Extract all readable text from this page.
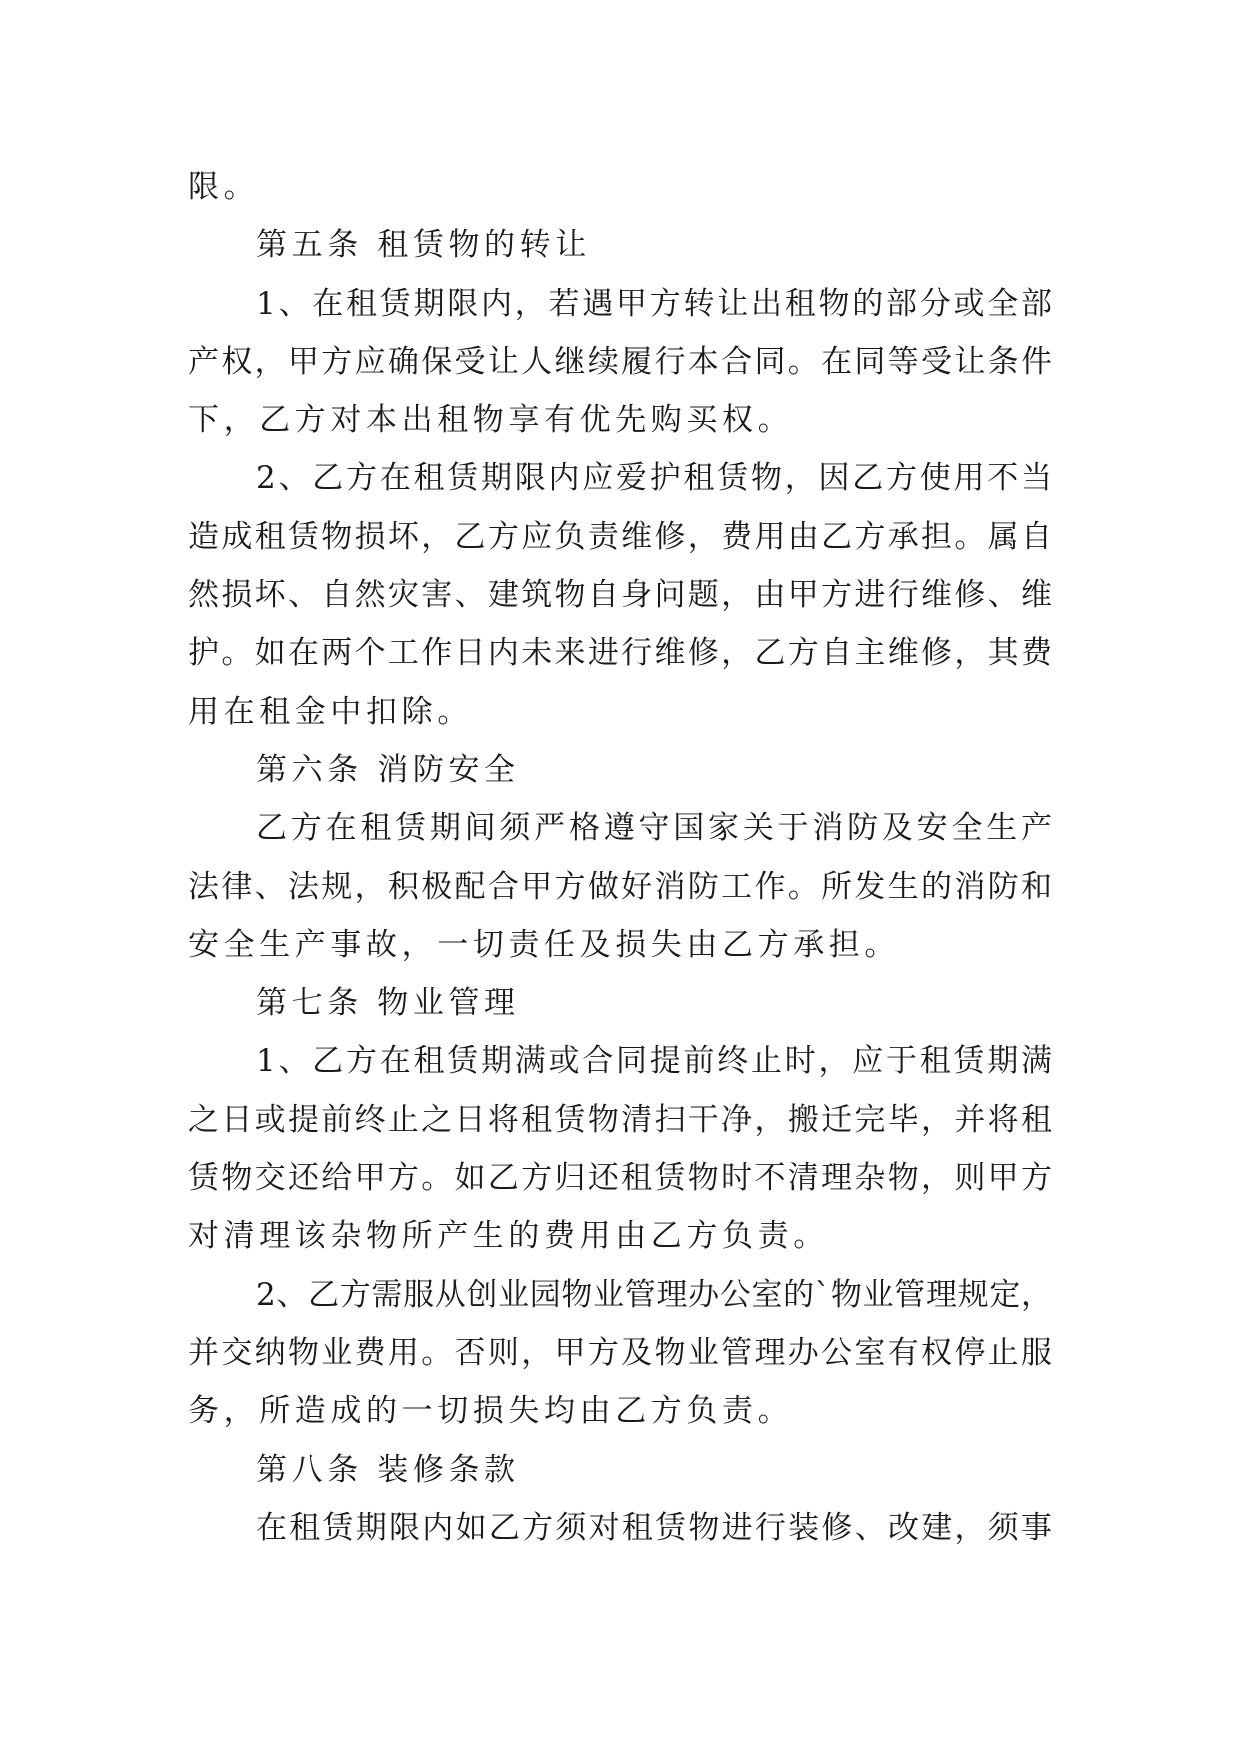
限。
第五条 租赁物的转让
1、在租赁期限内，若遇甲方转让出租物的部分或全部
产权，甲方应确保受让人继续履行本合同。在同等受让条件
下，乙方对本出租物享有优先购买权。
2、乙方在租赁期限内应爱护租赁物，因乙方使用不当
造成租赁物损坏，乙方应负责维修，费用由乙方承担。属自
然损坏、自然灾害、建筑物自身问题，由甲方进行维修、维
护。如在两个工作日内未来进行维修，乙方自主维修，其费
用在租金中扣除。
第六条 消防安全
乙方在租赁期间须严格遵守国家关于消防及安全生产
法律、法规，积极配合甲方做好消防工作。所发生的消防和
安全生产事故，一切责任及损失由乙方承担。
第七条 物业管理
1、乙方在租赁期满或合同提前终止时，应于租赁期满
之日或提前终止之日将租赁物清扫干净，搬迁完毕，并将租
赁物交还给甲方。如乙方归还租赁物时不清理杂物，则甲方
对清理该杂物所产生的费用由乙方负责。
2、乙方需服从创业园物业管理办公室的`物业管理规定，
并交纳物业费用。否则，甲方及物业管理办公室有权停止服
务，所造成的一切损失均由乙方负责。
第八条 装修条款
在租赁期限内如乙方须对租赁物进行装修、改建，须事
